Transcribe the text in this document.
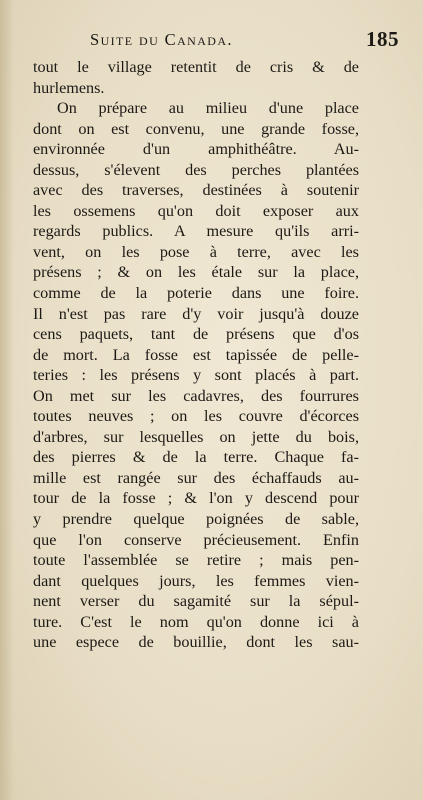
Suite du Canada.	185
tout le village retentit de cris & de
hurlemens.
On prépare au milieu d'une place
dont on est convenu, une grande fosse,
environnée d'un amphithéâtre. Au-
dessus, s'élevent des perches plantées
avec des traverses, destinées à soutenir
les ossemens qu'on doit exposer aux
regards publics. A mesure qu'ils arri-
vent, on les pose à terre, avec les
présens ; & on les étale sur la place,
comme de la poterie dans une foire.
Il n'est pas rare d'y voir jusqu'à douze
cens paquets, tant de présens que d'os
de mort. La fosse est tapissée de pelle-
teries : les présens y sont placés à part.
On met sur les cadavres, des fourrures
toutes neuves ; on les couvre d'écorces
d'arbres, sur lesquelles on jette du bois,
des pierres & de la terre. Chaque fa-
mille est rangée sur des échaffauds au-
tour de la fosse ; & l'on y descend pour
y prendre quelque poignées de sable,
que l'on conserve précieusement. Enfin
toute l'assemblée se retire ; mais pen-
dant quelques jours, les femmes vien-
nent verser du sagamité sur la sépul-
ture. C'est le nom qu'on donne ici à
une espece de bouillie, dont les sau-
